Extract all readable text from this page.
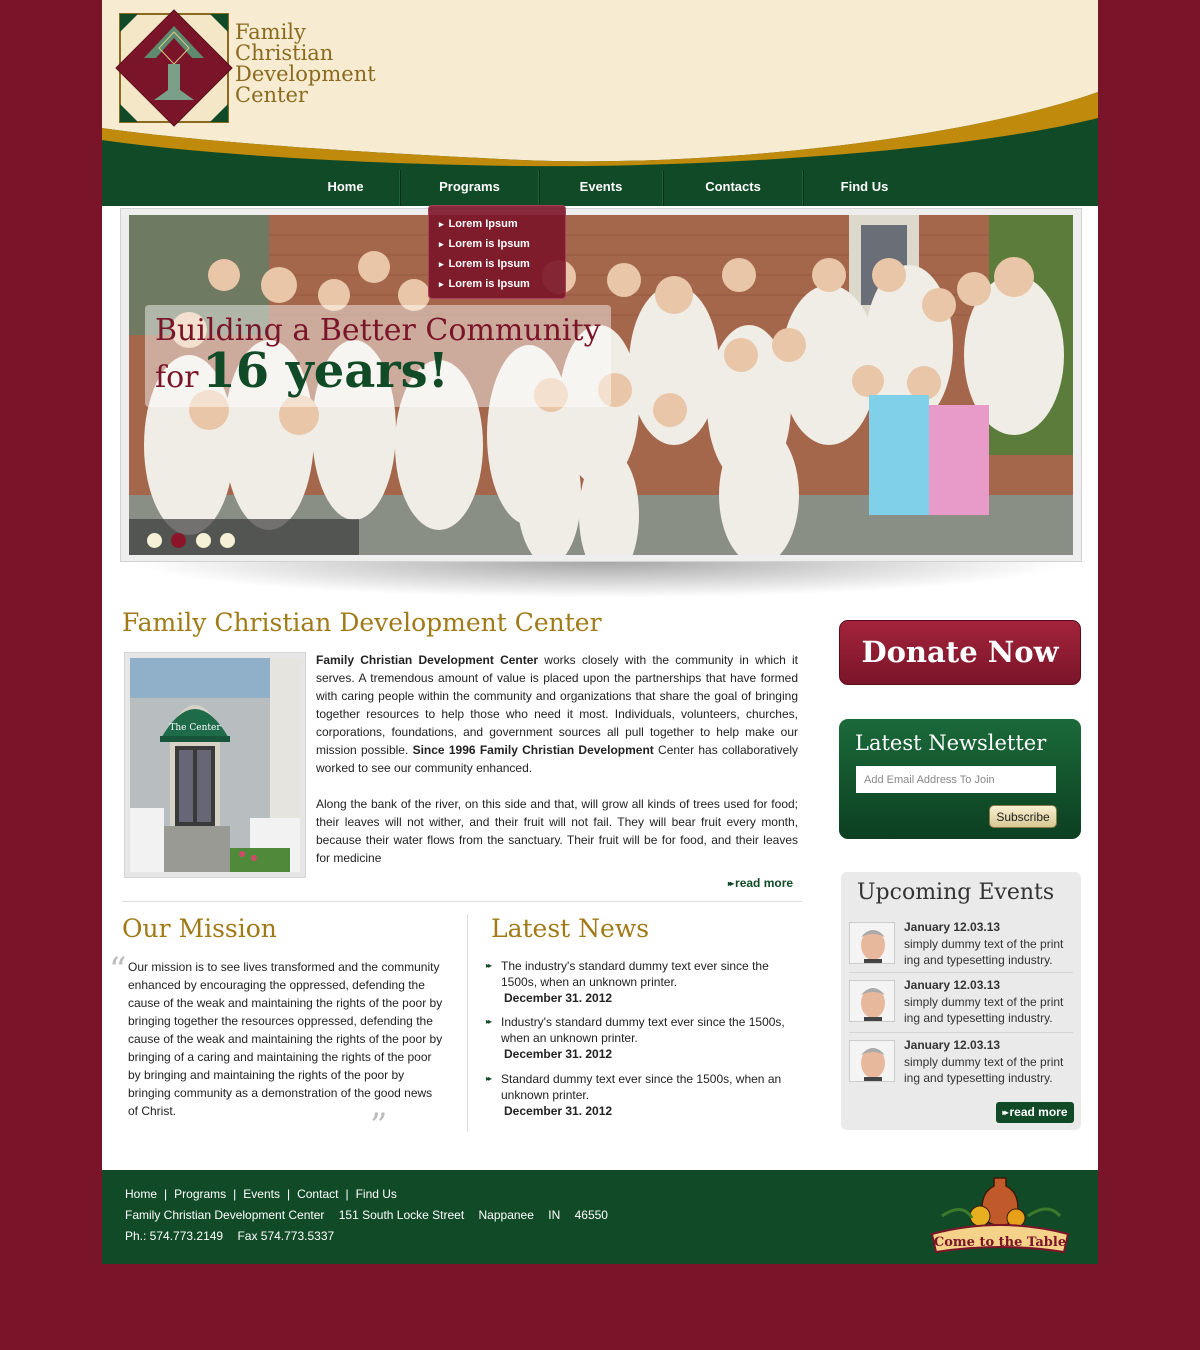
Family
Christian
Development
Center
Home	Programs	Events	Contacts	Find Us
Building a Better Community
for 16 years!
Family Christian Development Center
The Center

Family Christian Development Center works closely with the community in which it serves. A tremendous amount of value is placed upon the partnerships that have formed with caring people within the community and organizations that share the goal of bringing together resources to help those who need it most. Individuals, volunteers, churches, corporations, foundations, and government sources all pull together to help make our mission possible. Since 1996 Family Christian Development Center has collaboratively worked to see our community enhanced.

Along the bank of the river, on this side and that, will grow all kinds of trees used for food; their leaves will not wither, and their fruit will not fail. They will bear fruit every month, because their water flows from the sanctuary. Their fruit will be for food, and their leaves for medicine

▸▸ read more
Our Mission
“ Our mission is to see lives transformed and the community enhanced by encouraging the oppressed, defending the cause of the weak and maintaining the rights of the poor by bringing together the resources oppressed, defending the cause of the weak and maintaining the rights of the poor by bringing of a caring and maintaining the rights of the poor by bringing and maintaining the rights of the poor by bringing community as a demonstration of the good news of Christ.	”
Latest News
▸▸ The industry's standard dummy text ever since the 1500s, when an unknown printer.
December 31. 2012
▸▸ Industry's standard dummy text ever since the 1500s, when an unknown printer.
December 31. 2012
▸▸ Standard dummy text ever since the 1500s, when an unknown printer.
December 31. 2012
Donate Now
Latest Newsletter
Add Email Address To Join
Subscribe
Upcoming Events
January 12.03.13
simply dummy text of the print ing and typesetting industry.
January 12.03.13
simply dummy text of the print ing and typesetting industry.
January 12.03.13
simply dummy text of the print ing and typesetting industry.
▸▸ read more
▸ Lorem Ipsum
▸ Lorem is Ipsum
▸ Lorem is Ipsum
▸ Lorem is Ipsum
Home | Programs | Events | Contact | Find Us
Family Christian Development Center 151 South Locke Street Nappanee IN 46550
Ph.: 574.773.2149 Fax 574.773.5337	Come to the Table
